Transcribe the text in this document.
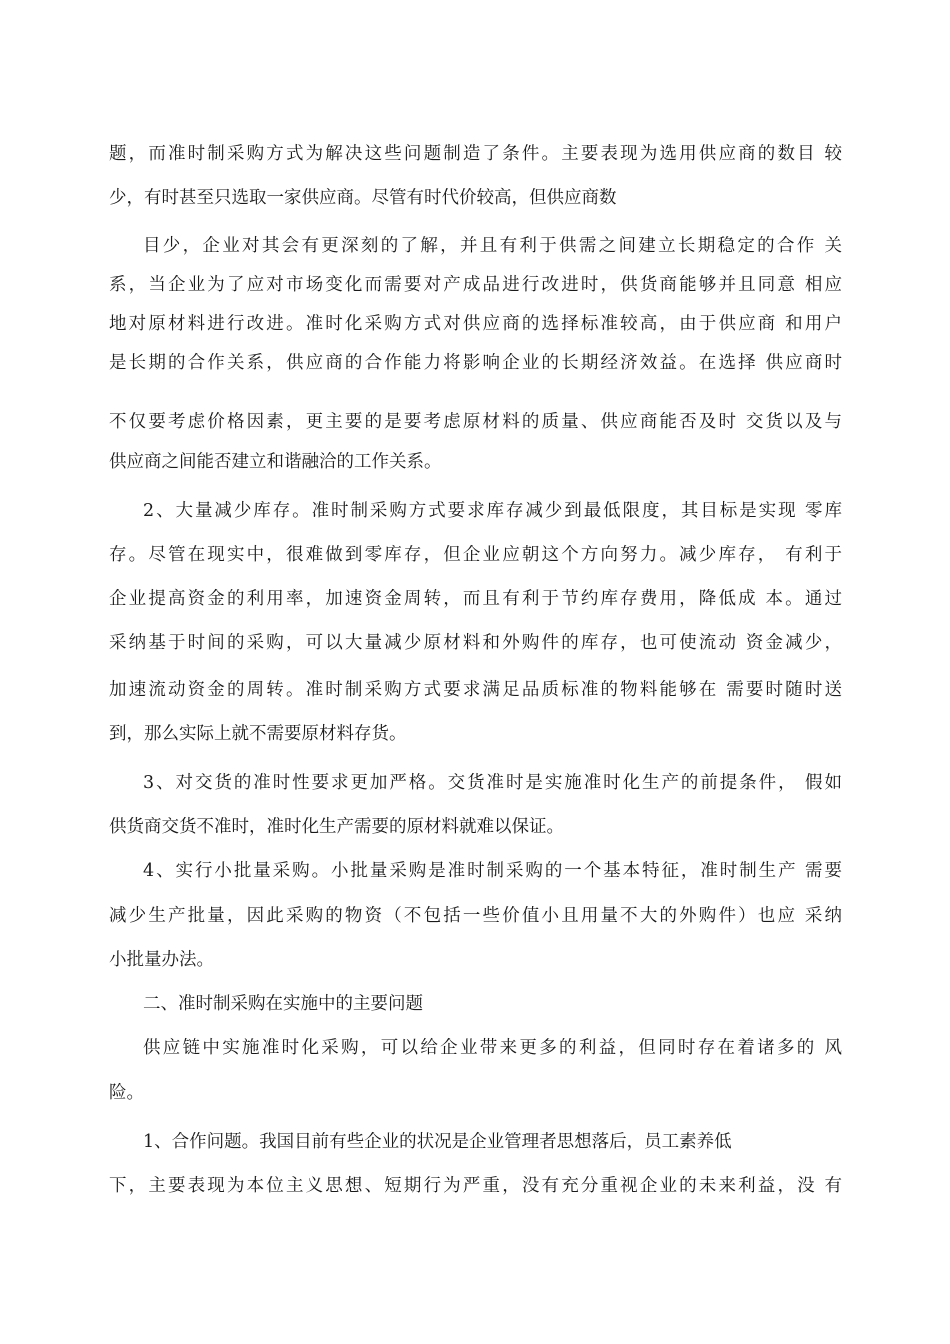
题，而准时制采购方式为解决这些问题制造了条件。主要表现为选用供应商的数目 较
少，有时甚至只选取一家供应商。尽管有时代价较高，但供应商数
目少，企业对其会有更深刻的了解，并且有利于供需之间建立长期稳定的合作 关
系，当企业为了应对市场变化而需要对产成品进行改进时，供货商能够并且同意 相应
地对原材料进行改进。准时化采购方式对供应商的选择标准较高，由于供应商 和用户
是长期的合作关系，供应商的合作能力将影响企业的长期经济效益。在选择 供应商时
不仅要考虑价格因素，更主要的是要考虑原材料的质量、供应商能否及时 交货以及与
供应商之间能否建立和谐融洽的工作关系。
2、大量减少库存。准时制采购方式要求库存减少到最低限度，其目标是实现 零库
存。尽管在现实中，很难做到零库存，但企业应朝这个方向努力。减少库存， 有利于
企业提高资金的利用率，加速资金周转，而且有利于节约库存费用，降低成 本。通过
采纳基于时间的采购，可以大量减少原材料和外购件的库存，也可使流动 资金减少，
加速流动资金的周转。准时制采购方式要求满足品质标准的物料能够在 需要时随时送
到，那么实际上就不需要原材料存货。
3、对交货的准时性要求更加严格。交货准时是实施准时化生产的前提条件， 假如
供货商交货不准时，准时化生产需要的原材料就难以保证。
4、实行小批量采购。小批量采购是准时制采购的一个基本特征，准时制生产 需要
减少生产批量，因此采购的物资（不包括一些价值小且用量不大的外购件）也应 采纳
小批量办法。
二、准时制采购在实施中的主要问题
供应链中实施准时化采购，可以给企业带来更多的利益，但同时存在着诸多的 风
险。
1、合作问题。我国目前有些企业的状况是企业管理者思想落后，员工素养低
下，主要表现为本位主义思想、短期行为严重，没有充分重视企业的未来利益，没 有
